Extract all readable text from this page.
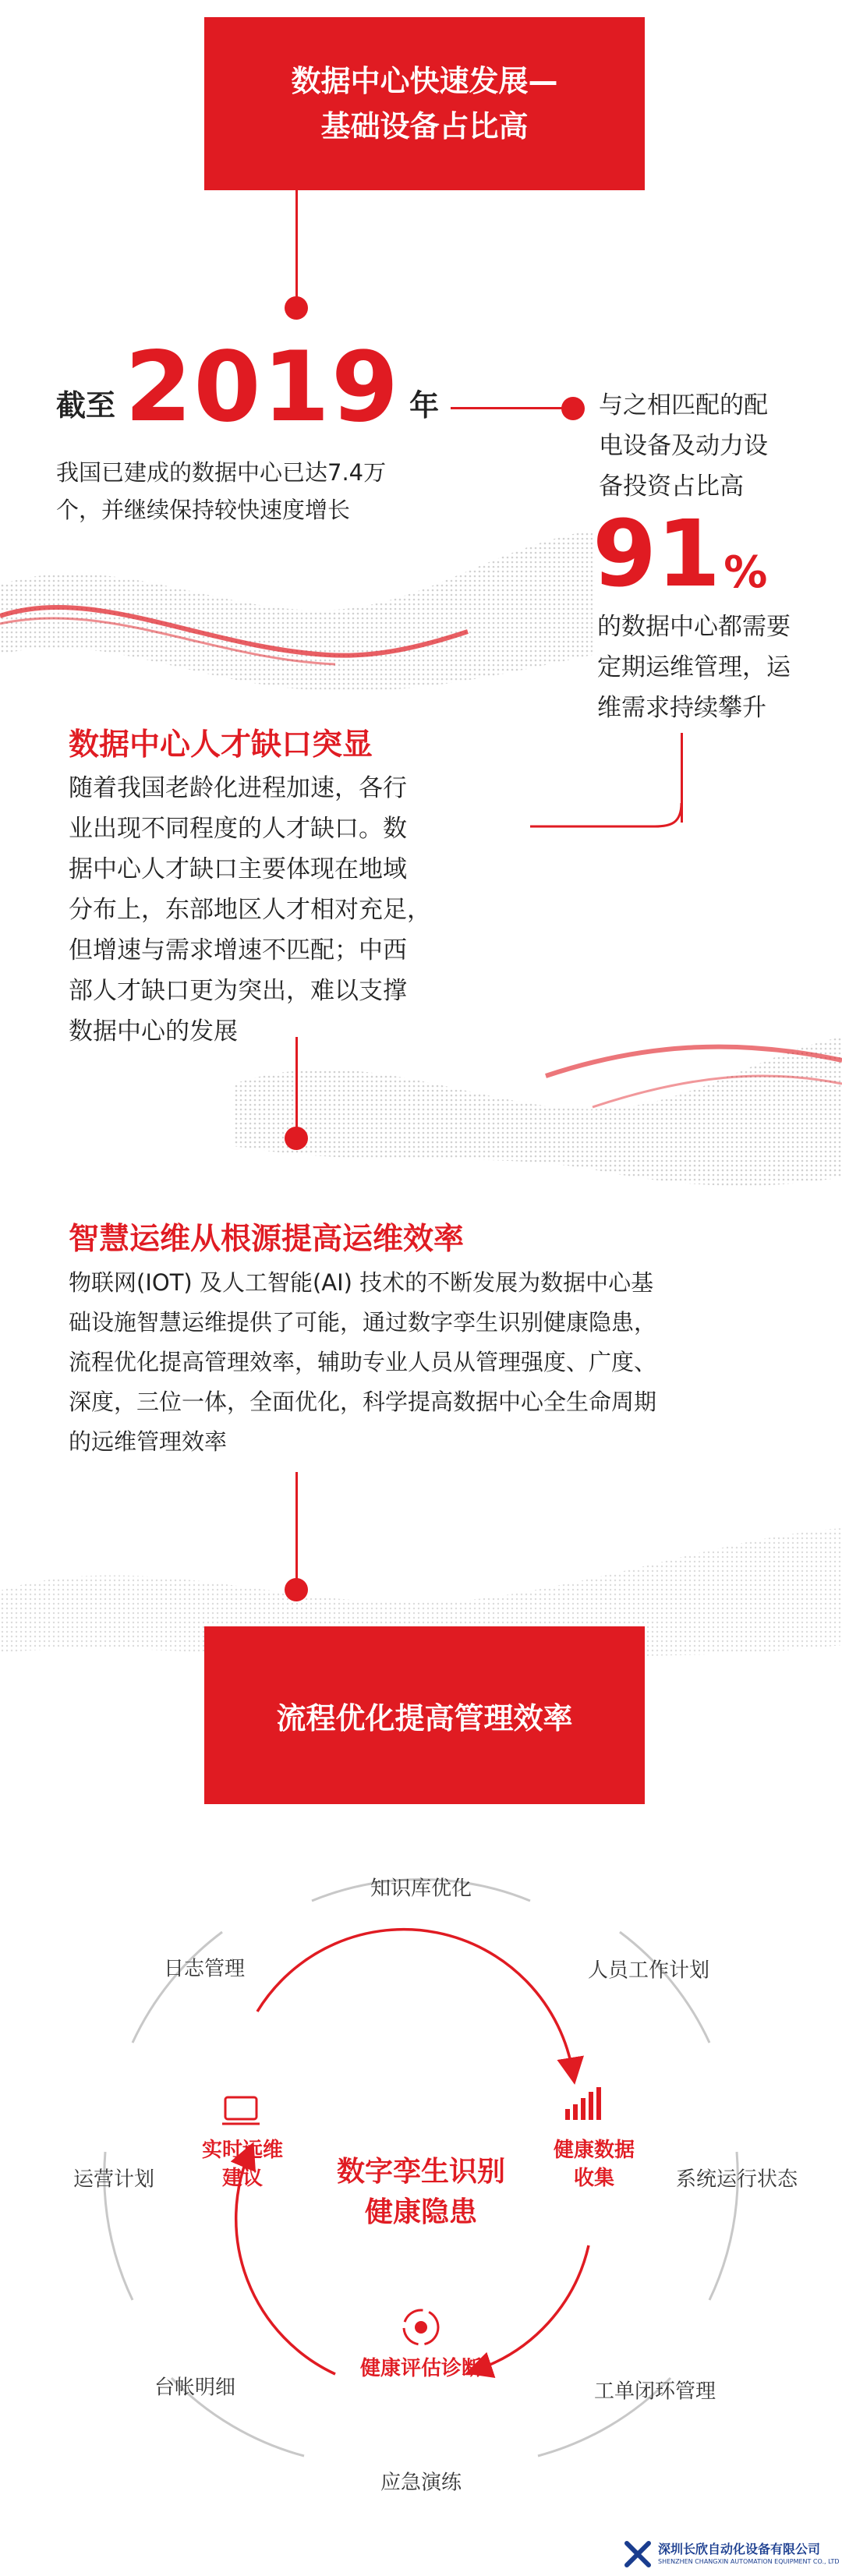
数据中心快速发展—
基础设备占比高
截至 2019 年
我国已建成的数据中心已达7.4万
个，并继续保持较快速度增长
与之相匹配的配
电设备及动力设
备投资占比高
91 %
的数据中心都需要
定期运维管理，运
维需求持续攀升
数据中心人才缺口突显
随着我国老龄化进程加速，各行
业出现不同程度的人才缺口。数
据中心人才缺口主要体现在地域
分布上，东部地区人才相对充足，
但增速与需求增速不匹配；中西
部人才缺口更为突出，难以支撑
数据中心的发展
智慧运维从根源提高运维效率
物联网(IOT) 及人工智能(AI) 技术的不断发展为数据中心基
础设施智慧运维提供了可能，通过数字孪生识别健康隐患，
流程优化提高管理效率，辅助专业人员从管理强度、广度、
深度，三位一体，全面优化，科学提高数据中心全生命周期
的远维管理效率
流程优化提高管理效率
知识库优化
人员工作计划
系统运行状态
工单闭环管理
应急演练
台帐明细
运营计划
日志管理
实时远维
建议
健康数据
收集
健康评估诊断
数字孪生识别
健康隐患
深圳长欣自动化设备有限公司
SHENZHEN CHANGXIN AUTOMATION EQUIPMENT CO., LTD
